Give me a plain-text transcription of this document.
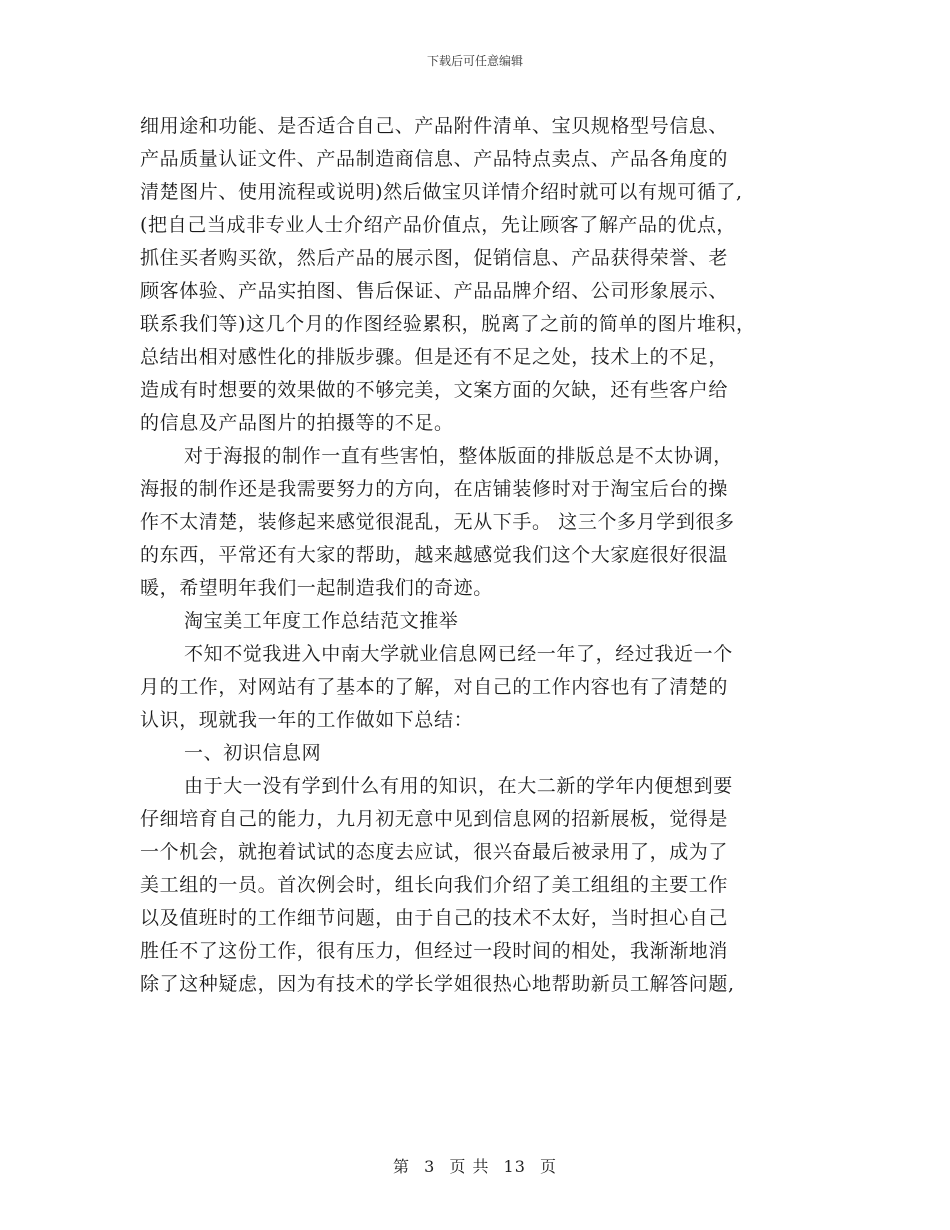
下载后可任意编辑
细用途和功能、是否适合自己、产品附件清单、宝贝规格型号信息、
产品质量认证文件、产品制造商信息、产品特点卖点、产品各角度的
清楚图片、使用流程或说明)然后做宝贝详情介绍时就可以有规可循了,
(把自己当成非专业人士介绍产品价值点，先让顾客了解产品的优点，
抓住买者购买欲，然后产品的展示图，促销信息、产品获得荣誉、老
顾客体验、产品实拍图、售后保证、产品品牌介绍、公司形象展示、
联系我们等)这几个月的作图经验累积，脱离了之前的简单的图片堆积，
总结出相对感性化的排版步骤。但是还有不足之处，技术上的不足，
造成有时想要的效果做的不够完美，文案方面的欠缺，还有些客户给
的信息及产品图片的拍摄等的不足。
对于海报的制作一直有些害怕，整体版面的排版总是不太协调，
海报的制作还是我需要努力的方向，在店铺装修时对于淘宝后台的操
作不太清楚，装修起来感觉很混乱，无从下手。 这三个多月学到很多
的东西，平常还有大家的帮助，越来越感觉我们这个大家庭很好很温
暖，希望明年我们一起制造我们的奇迹。
淘宝美工年度工作总结范文推举
不知不觉我进入中南大学就业信息网已经一年了，经过我近一个
月的工作，对网站有了基本的了解，对自己的工作内容也有了清楚的
认识，现就我一年的工作做如下总结：
一、初识信息网
由于大一没有学到什么有用的知识，在大二新的学年内便想到要
仔细培育自己的能力，九月初无意中见到信息网的招新展板，觉得是
一个机会，就抱着试试的态度去应试，很兴奋最后被录用了，成为了
美工组的一员。首次例会时，组长向我们介绍了美工组组的主要工作
以及值班时的工作细节问题，由于自己的技术不太好，当时担心自己
胜任不了这份工作，很有压力，但经过一段时间的相处，我渐渐地消
除了这种疑虑，因为有技术的学长学姐很热心地帮助新员工解答问题,
第 3 页 共 13 页
